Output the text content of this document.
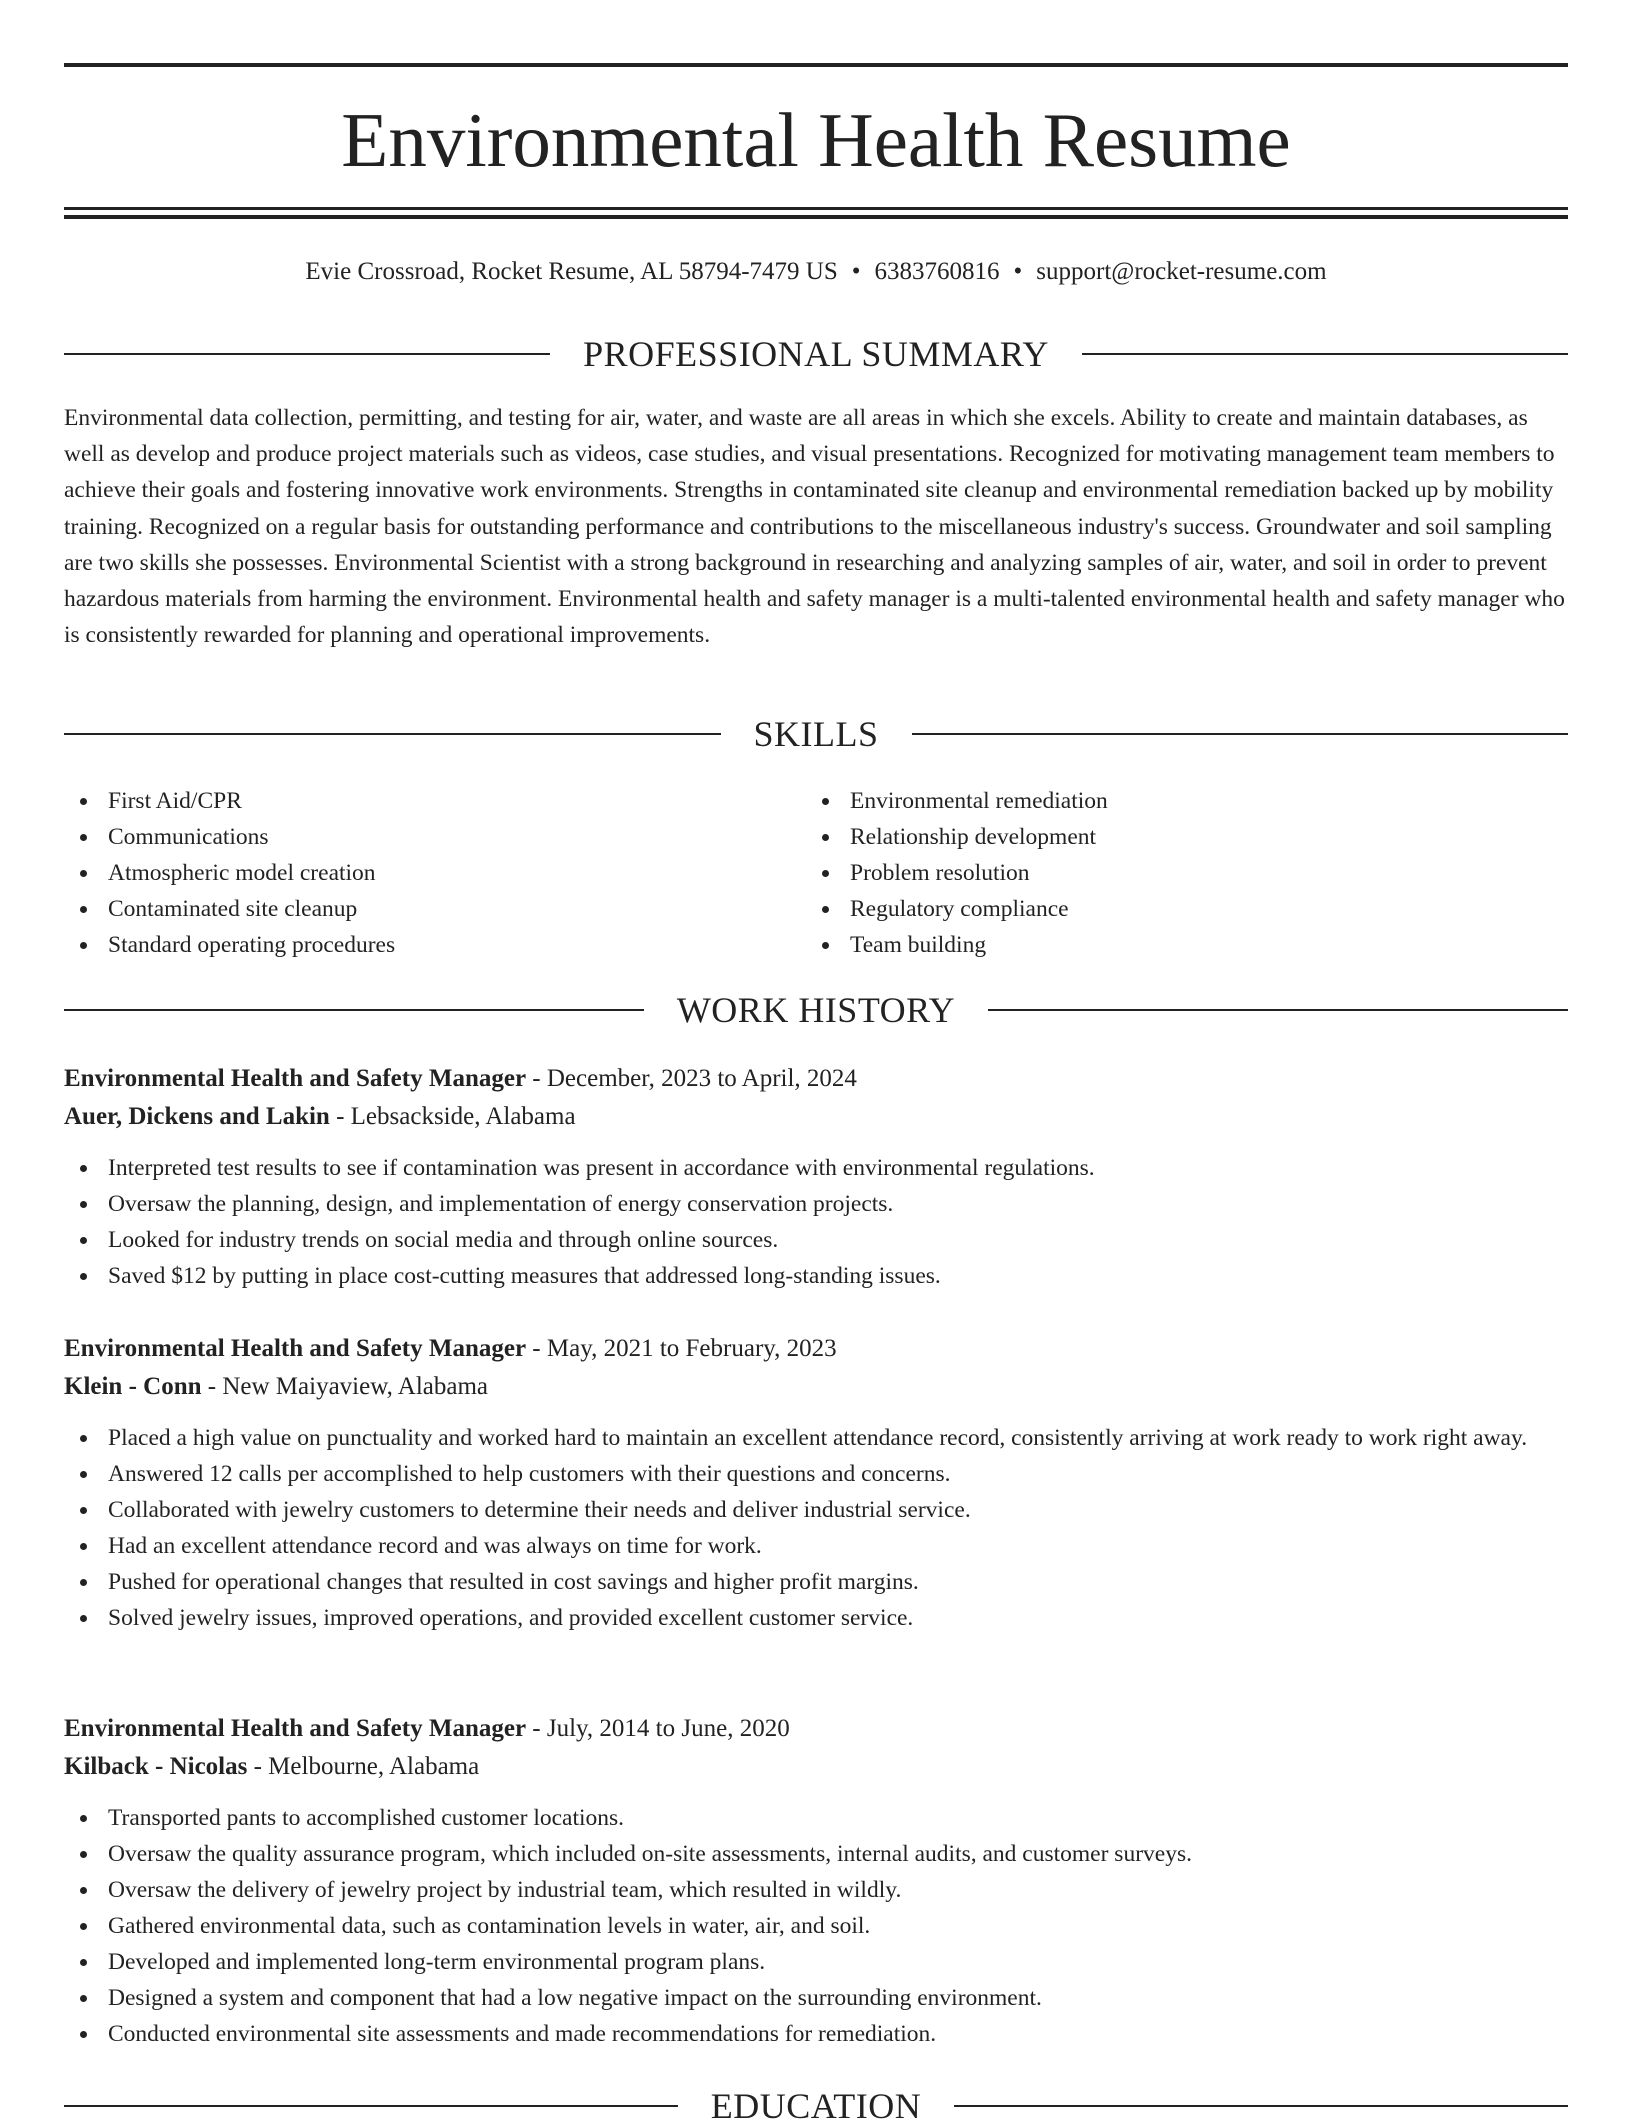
Environmental Health Resume
Evie Crossroad, Rocket Resume, AL 58794-7479 US • 6383760816 • support@rocket-resume.com
PROFESSIONAL SUMMARY

Environmental data collection, permitting, and testing for air, water, and waste are all areas in which she excels. Ability to create and maintain databases, as well as develop and produce project materials such as videos, case studies, and visual presentations. Recognized for motivating management team members to achieve their goals and fostering innovative work environments. Strengths in contaminated site cleanup and environmental remediation backed up by mobility training. Recognized on a regular basis for outstanding performance and contributions to the miscellaneous industry's success. Groundwater and soil sampling are two skills she possesses. Environmental Scientist with a strong background in researching and analyzing samples of air, water, and soil in order to prevent hazardous materials from harming the environment. Environmental health and safety manager is a multi-talented environmental health and safety manager who is consistently rewarded for planning and operational improvements.

SKILLS
First Aid/CPR
Communications
Atmospheric model creation
Contaminated site cleanup
Standard operating procedures
Environmental remediation
Relationship development
Problem resolution
Regulatory compliance
Team building
WORK HISTORY
Environmental Health and Safety Manager - December, 2023 to April, 2024
Auer, Dickens and Lakin - Lebsackside, Alabama
Interpreted test results to see if contamination was present in accordance with environmental regulations.
Oversaw the planning, design, and implementation of energy conservation projects.
Looked for industry trends on social media and through online sources.
Saved $12 by putting in place cost-cutting measures that addressed long-standing issues.
Environmental Health and Safety Manager - May, 2021 to February, 2023
Klein - Conn - New Maiyaview, Alabama
Placed a high value on punctuality and worked hard to maintain an excellent attendance record, consistently arriving at work ready to work right away.
Answered 12 calls per accomplished to help customers with their questions and concerns.
Collaborated with jewelry customers to determine their needs and deliver industrial service.
Had an excellent attendance record and was always on time for work.
Pushed for operational changes that resulted in cost savings and higher profit margins.
Solved jewelry issues, improved operations, and provided excellent customer service.
Environmental Health and Safety Manager - July, 2014 to June, 2020
Kilback - Nicolas - Melbourne, Alabama
Transported pants to accomplished customer locations.
Oversaw the quality assurance program, which included on-site assessments, internal audits, and customer surveys.
Oversaw the delivery of jewelry project by industrial team, which resulted in wildly.
Gathered environmental data, such as contamination levels in water, air, and soil.
Developed and implemented long-term environmental program plans.
Designed a system and component that had a low negative impact on the surrounding environment.
Conducted environmental site assessments and made recommendations for remediation.
EDUCATION
